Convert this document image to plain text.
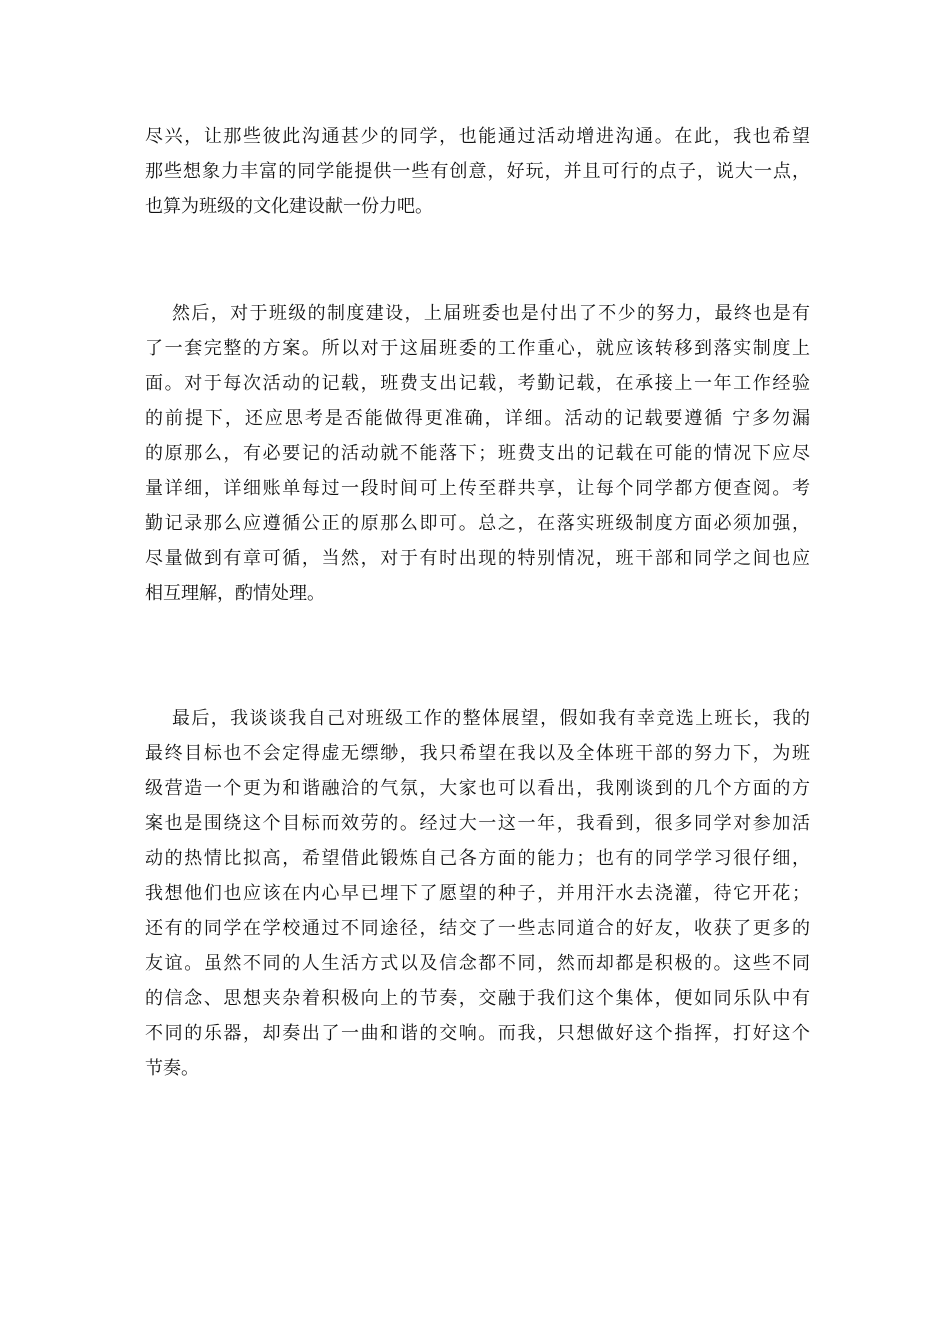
尽兴，让那些彼此沟通甚少的同学，也能通过活动增进沟通。在此，我也希望
那些想象力丰富的同学能提供一些有创意，好玩，并且可行的点子，说大一点，
也算为班级的文化建设献一份力吧。

然后，对于班级的制度建设，上届班委也是付出了不少的努力，最终也是有
了一套完整的方案。所以对于这届班委的工作重心，就应该转移到落实制度上
面。对于每次活动的记载，班费支出记载，考勤记载，在承接上一年工作经验
的前提下，还应思考是否能做得更准确，详细。活动的记载要遵循 宁多勿漏
的原那么，有必要记的活动就不能落下；班费支出的记载在可能的情况下应尽
量详细，详细账单每过一段时间可上传至群共享，让每个同学都方便查阅。考
勤记录那么应遵循公正的原那么即可。总之，在落实班级制度方面必须加强，
尽量做到有章可循，当然，对于有时出现的特别情况，班干部和同学之间也应
相互理解，酌情处理。

最后，我谈谈我自己对班级工作的整体展望，假如我有幸竞选上班长，我的
最终目标也不会定得虚无缥缈，我只希望在我以及全体班干部的努力下，为班
级营造一个更为和谐融洽的气氛，大家也可以看出，我刚谈到的几个方面的方
案也是围绕这个目标而效劳的。经过大一这一年，我看到，很多同学对参加活
动的热情比拟高，希望借此锻炼自己各方面的能力；也有的同学学习很仔细，
我想他们也应该在内心早已埋下了愿望的种子，并用汗水去浇灌，待它开花；
还有的同学在学校通过不同途径，结交了一些志同道合的好友，收获了更多的
友谊。虽然不同的人生活方式以及信念都不同，然而却都是积极的。这些不同
的信念、思想夹杂着积极向上的节奏，交融于我们这个集体，便如同乐队中有
不同的乐器，却奏出了一曲和谐的交响。而我，只想做好这个指挥，打好这个
节奏。
